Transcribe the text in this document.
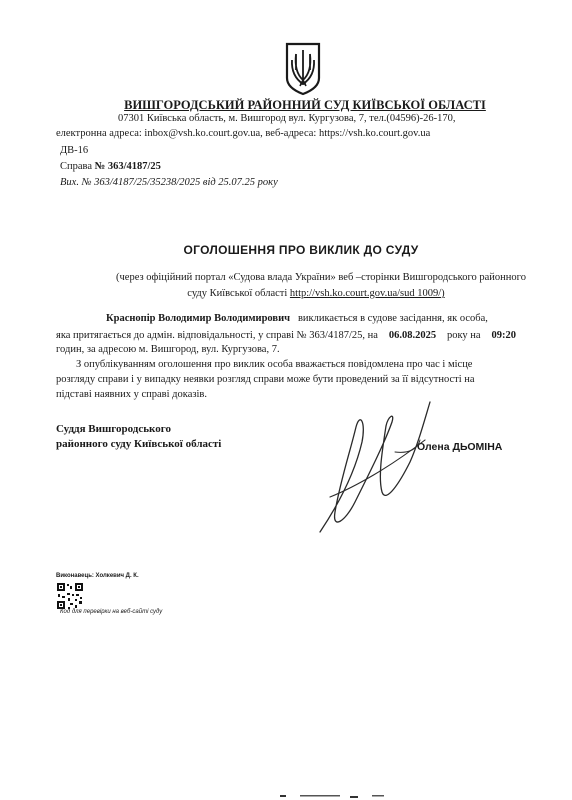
ВИШГОРОДСЬКИЙ РАЙОННИЙ СУД КИЇВСЬКОЇ ОБЛАСТІ
07301 Київська область, м. Вишгород вул. Кургузова, 7, тел.(04596)-26-170,
електронна адреса: inbox@vsh.ko.court.gov.ua, веб-адреса: https://vsh.ko.court.gov.ua
ДВ-16
Справа № 363/4187/25
Вих. № 363/4187/25/35238/2025 від 25.07.25 року
ОГОЛОШЕННЯ ПРО ВИКЛИК ДО СУДУ
(через офіційний портал «Судова влада України» веб –сторінки Вишгородського районного
суду Київської області http://vsh.ko.court.gov.ua/sud 1009/)
Краснопір Володимир Володимирович викликається в судове засідання, як особа,
яка притягається до адмін. відповідальності, у справі № 363/4187/25, на 06.08.2025 року на 09:20
годин, за адресою м. Вишгород, вул. Кургузова, 7.
З опублікуванням оголошення про виклик особа вважається повідомлена про час і місце
розгляду справи і у випадку неявки розгляд справи може бути проведений за її відсутності на
підставі наявних у справі доказів.
Суддя Вишгородського
районного суду Київської області	Олена ДЬОМІНА
Виконавець: Холкевич Д. К.
Код для перевірки на веб-сайті суду
